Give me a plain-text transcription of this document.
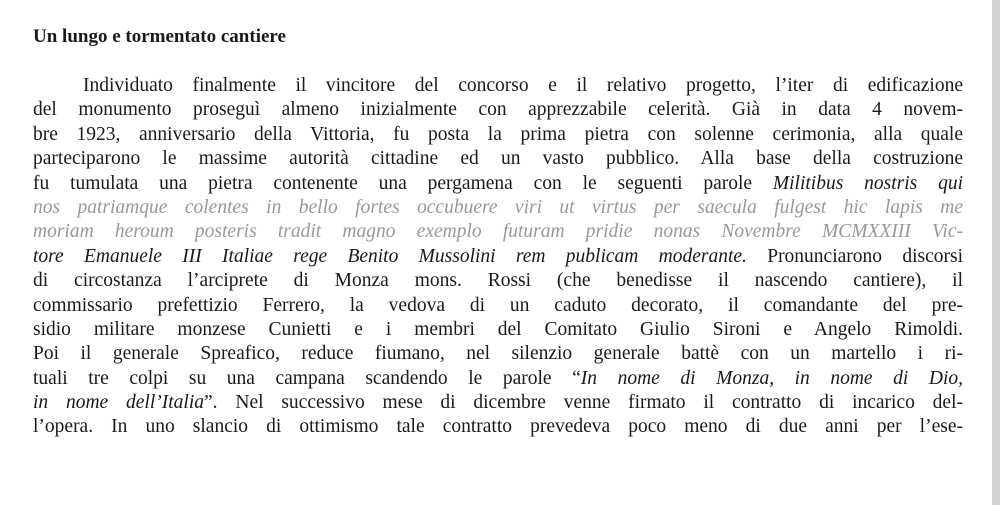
Un lungo e tormentato cantiere
Individuato finalmente il vincitore del concorso e il relativo progetto, l’iter di edificazione
del monumento proseguì almeno inizialmente con apprezzabile celerità. Già in data 4 novem-
bre 1923, anniversario della Vittoria, fu posta la prima pietra con solenne cerimonia, alla quale
parteciparono le massime autorità cittadine ed un vasto pubblico. Alla base della costruzione
fu tumulata una pietra contenente una pergamena con le seguenti parole Militibus nostris qui
nos patriamque colentes in bello fortes occubuere viri ut virtus per saecula fulgest hic lapis me
moriam heroum posteris tradit magno exemplo futuram pridie nonas Novembre MCMXXIII Vic-
tore Emanuele III Italiae rege Benito Mussolini rem publicam moderante. Pronunciarono discorsi
di circostanza l’arciprete di Monza mons. Rossi (che benedisse il nascendo cantiere), il
commissario prefettizio Ferrero, la vedova di un caduto decorato, il comandante del pre-
sidio militare monzese Cunietti e i membri del Comitato Giulio Sironi e Angelo Rimoldi.
Poi il generale Spreafico, reduce fiumano, nel silenzio generale battè con un martello i ri-
tuali tre colpi su una campana scandendo le parole “In nome di Monza, in nome di Dio,
in nome dell’Italia”. Nel successivo mese di dicembre venne firmato il contratto di incarico del-
l’opera. In uno slancio di ottimismo tale contratto prevedeva poco meno di due anni per l’ese-
